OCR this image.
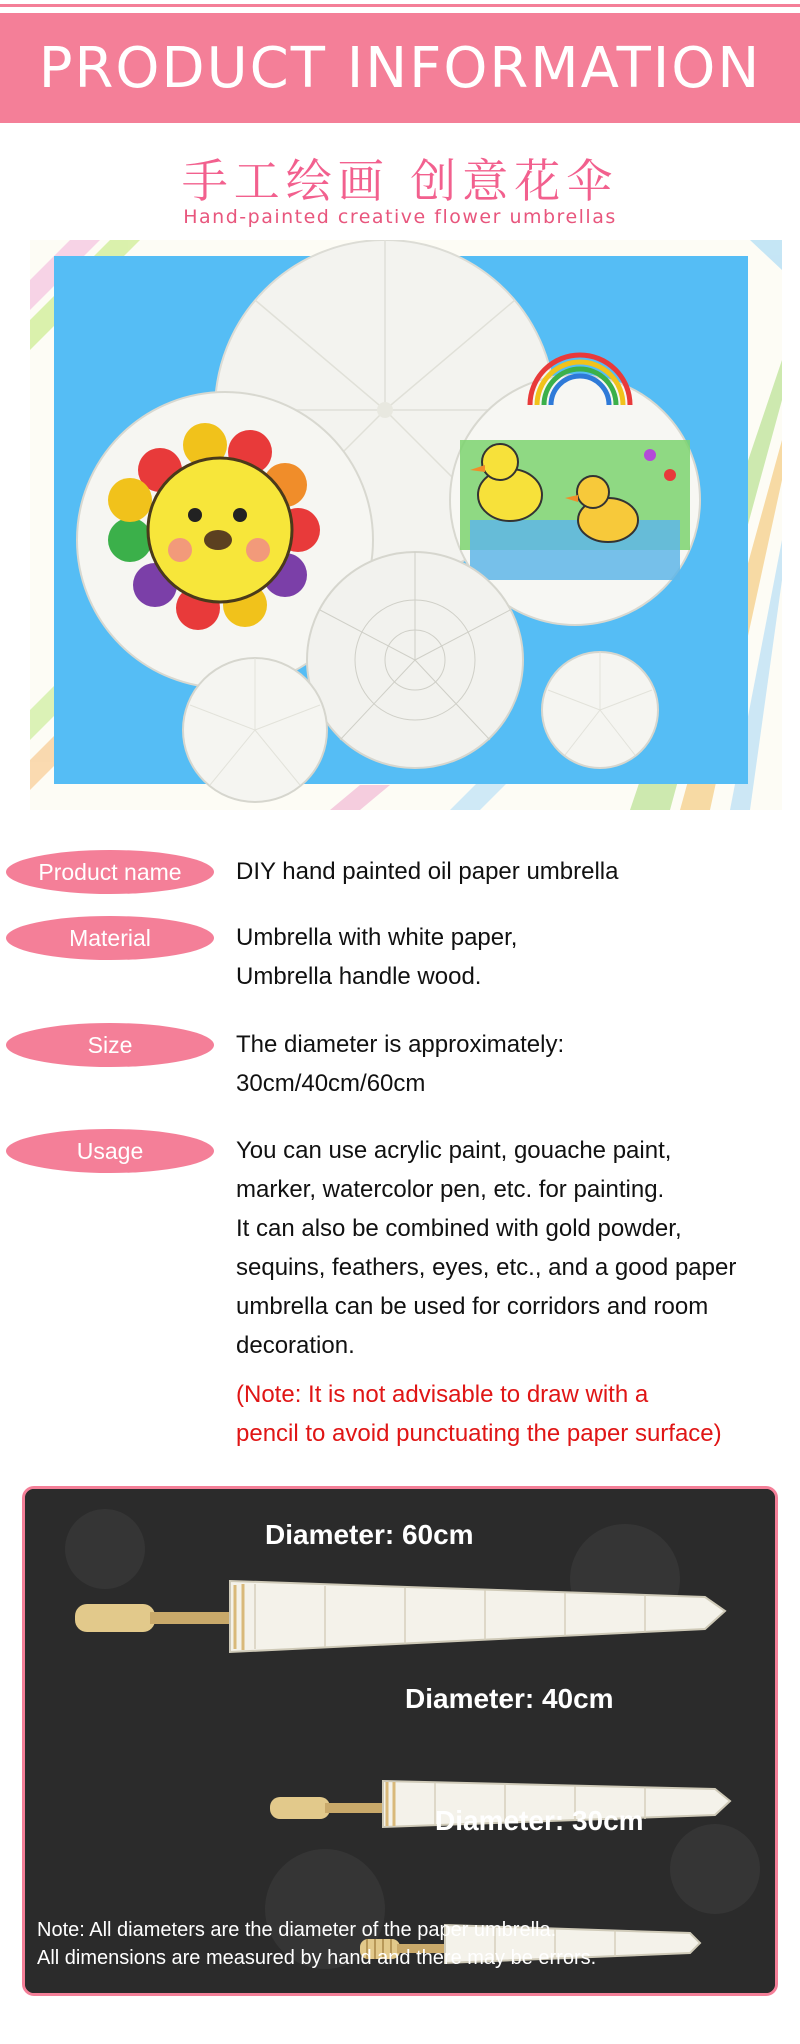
PRODUCT INFORMATION
手工绘画 创意花伞
Hand-painted creative flower umbrellas
Product name	DIY hand painted oil paper umbrella
Material	Umbrella with white paper,
Umbrella handle wood.
Size	The diameter is approximately:
30cm/40cm/60cm
Usage	You can use acrylic paint, gouache paint,
marker, watercolor pen, etc. for painting.
It can also be combined with gold powder,
sequins, feathers, eyes, etc., and a good paper
umbrella can be used for corridors and room
decoration.
(Note: It is not advisable to draw with a
pencil to avoid punctuating the paper surface)
Diameter: 60cm
Diameter: 40cm
Diameter: 30cm
Note: All diameters are the diameter of the paper umbrella.
All dimensions are measured by hand and there may be errors.
